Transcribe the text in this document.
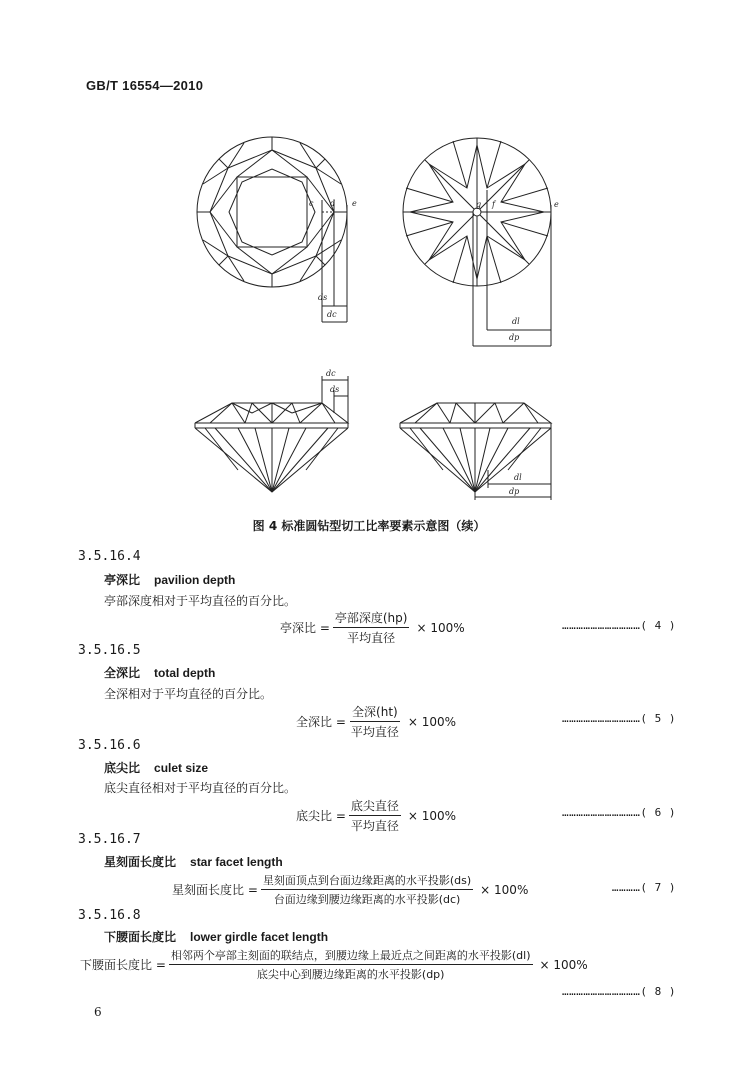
GB/T 16554—2010
c d e
ds
dc
g f	e
dl
dp
dc
ds
dl
dp
图 4 标准圆钻型切工比率要素示意图（续）
3.5.16.4
亭深比 pavilion depth
亭部深度相对于平均直径的百分比。
亭深比 = $\frac{\text{亭部深度(hp)}}{\text{平均直径}} \times 100\%$	……………………………( 4 )
3.5.16.5
全深比 total depth
全深相对于平均直径的百分比。
全深比 = $\frac{\text{全深(ht)}}{\text{平均直径}} \times 100\%$	……………………………( 5 )
3.5.16.6
底尖比 culet size
底尖直径相对于平均直径的百分比。
底尖比 = $\frac{\text{底尖直径}}{\text{平均直径}} \times 100\%$	……………………………( 6 )
3.5.16.7
星刻面长度比 star facet length
星刻面长度比 = $\frac{\text{星刻面顶点到台面边缘距离的水平投影(ds)}}{\text{台面边缘到腰边缘距离的水平投影(dc)}} \times 100\%$	…………( 7 )
3.5.16.8
下腰面长度比 lower girdle facet length
下腰面长度比 = $\frac{\text{相邻两个亭部主刻面的联结点，到腰边缘上最近点之间距离的水平投影(dl)}}{\text{底尖中心到腰边缘距离的水平投影(dp)}} \times 100\%$
……………………………( 8 )
6
